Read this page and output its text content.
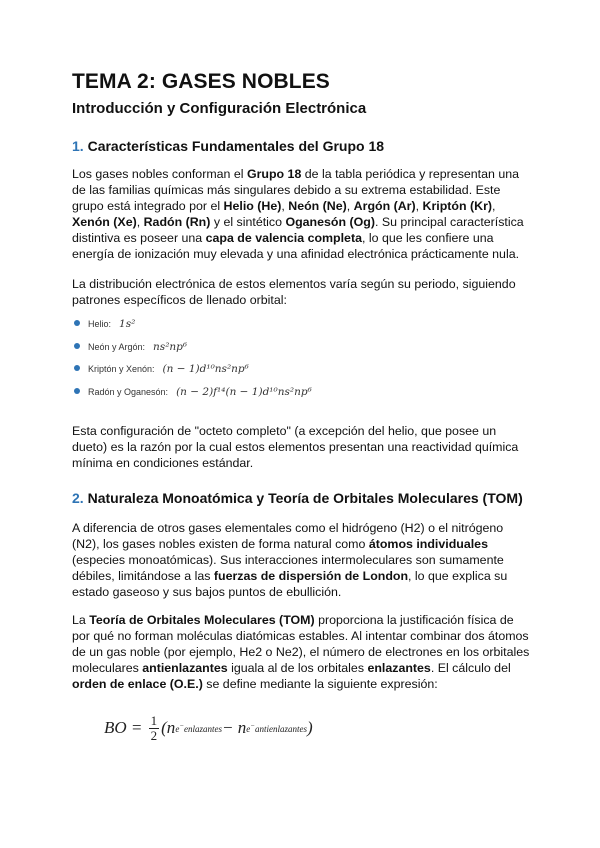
TEMA 2: GASES NOBLES
Introducción y Configuración Electrónica
1. Características Fundamentales del Grupo 18

Los gases nobles conforman el Grupo 18 de la tabla periódica y representan una de las familias químicas más singulares debido a su extrema estabilidad. Este grupo está integrado por el Helio (He), Neón (Ne), Argón (Ar), Kriptón (Kr), Xenón (Xe), Radón (Rn) y el sintético Oganesón (Og). Su principal característica distintiva es poseer una capa de valencia completa, lo que les confiere una energía de ionización muy elevada y una afinidad electrónica prácticamente nula.

La distribución electrónica de estos elementos varía según su periodo, siguiendo patrones específicos de llenado orbital:

Helio: 1s²
Neón y Argón: ns²np⁶
Kriptón y Xenón: (n − 1)d¹⁰ns²np⁶
Radón y Oganesón: (n − 2)f¹⁴(n − 1)d¹⁰ns²np⁶

Esta configuración de "octeto completo" (a excepción del helio, que posee un dueto) es la razón por la cual estos elementos presentan una reactividad química mínima en condiciones estándar.

2. Naturaleza Monoatómica y Teoría de Orbitales Moleculares (TOM)

A diferencia de otros gases elementales como el hidrógeno (H2) o el nitrógeno (N2), los gases nobles existen de forma natural como átomos individuales (especies monoatómicas). Sus interacciones intermoleculares son sumamente débiles, limitándose a las fuerzas de dispersión de London, lo que explica su estado gaseoso y sus bajos puntos de ebullición.

La Teoría de Orbitales Moleculares (TOM) proporciona la justificación física de por qué no forman moléculas diatómicas estables. Al intentar combinar dos átomos de un gas noble (por ejemplo, He2 o Ne2), el número de electrones en los orbitales moleculares antienlazantes iguala al de los orbitales enlazantes. El cálculo del orden de enlace (O.E.) se define mediante la siguiente expresión:

BO =
$\frac{1}{2} (n$ e−enlazantes − n e−antienlazantes )
